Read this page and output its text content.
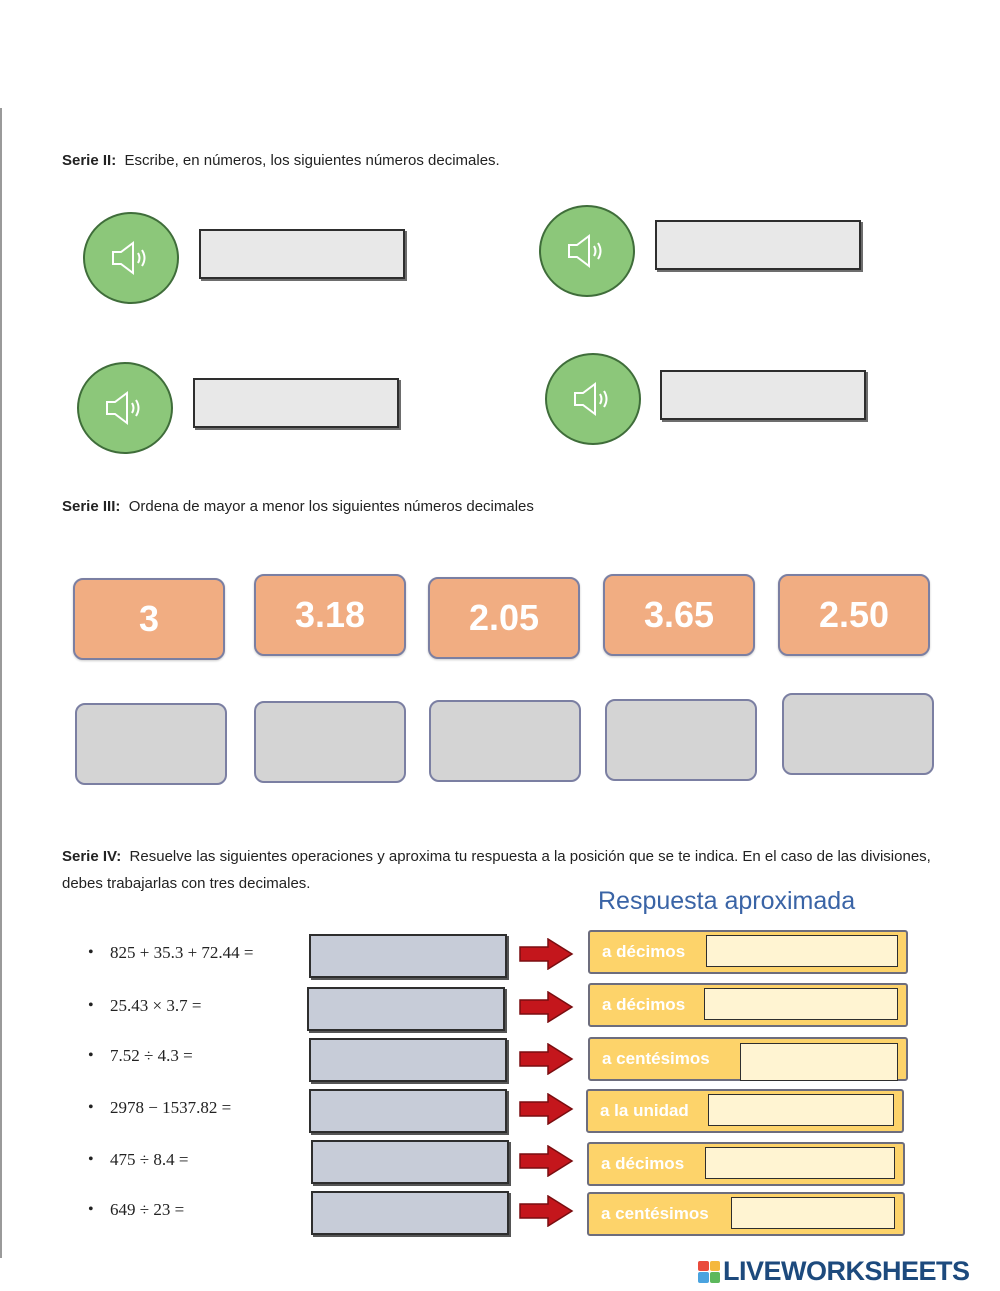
Serie II: Escribe, en números, los siguientes números decimales.
Serie III: Ordena de mayor a menor los siguientes números decimales
3	3.18	2.05	3.65	2.50
Serie IV: Resuelve las siguientes operaciones y aproxima tu respuesta a la posición que se te indica. En el caso de las divisiones, debes trabajarlas con tres decimales.
Respuesta aproximada
• 825 + 35.3 + 72.44 =	a décimos
• 25.43 × 3.7 =	a décimos
• 7.52 ÷ 4.3 =	a centésimos
• 2978 − 1537.82 =	a la unidad
• 475 ÷ 8.4 =	a décimos
• 649 ÷ 23 =	a centésimos
LIVEWORKSHEETS
